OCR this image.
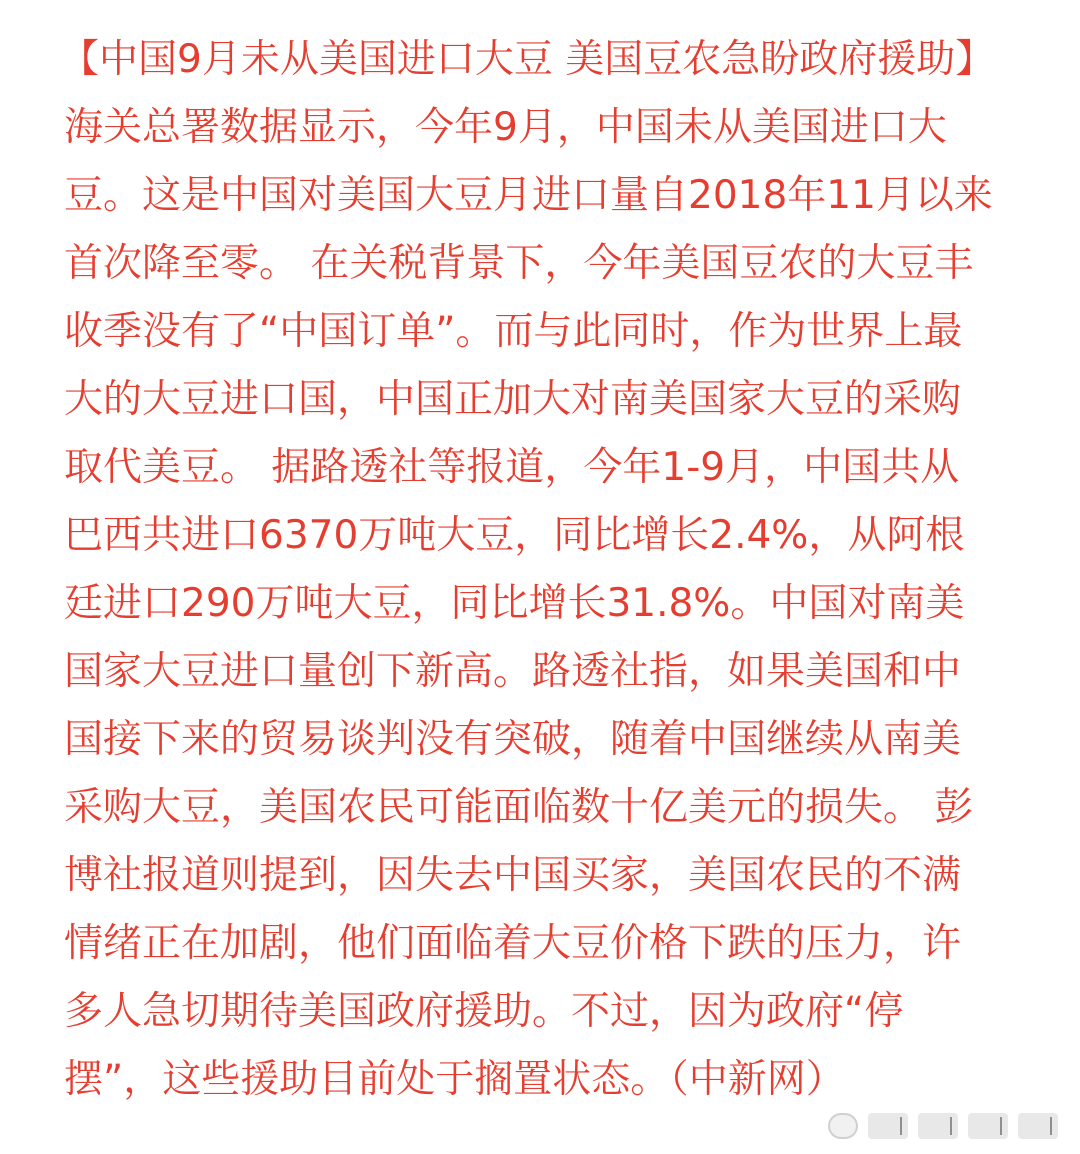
【中国9月未从美国进口大豆 美国豆农急盼政府援助】
海关总署数据显示，今年9月，中国未从美国进口大
豆。这是中国对美国大豆月进口量自2018年11月以来
首次降至零。 在关税背景下，今年美国豆农的大豆丰
收季没有了“中国订单”。而与此同时，作为世界上最
大的大豆进口国，中国正加大对南美国家大豆的采购
取代美豆。 据路透社等报道，今年1-9月，中国共从
巴西共进口6370万吨大豆，同比增长2.4%，从阿根
廷进口290万吨大豆，同比增长31.8%。中国对南美
国家大豆进口量创下新高。路透社指，如果美国和中
国接下来的贸易谈判没有突破，随着中国继续从南美
采购大豆，美国农民可能面临数十亿美元的损失。 彭
博社报道则提到，因失去中国买家，美国农民的不满
情绪正在加剧，他们面临着大豆价格下跌的压力，许
多人急切期待美国政府援助。不过，因为政府“停
摆”，这些援助目前处于搁置状态。（中新网）
